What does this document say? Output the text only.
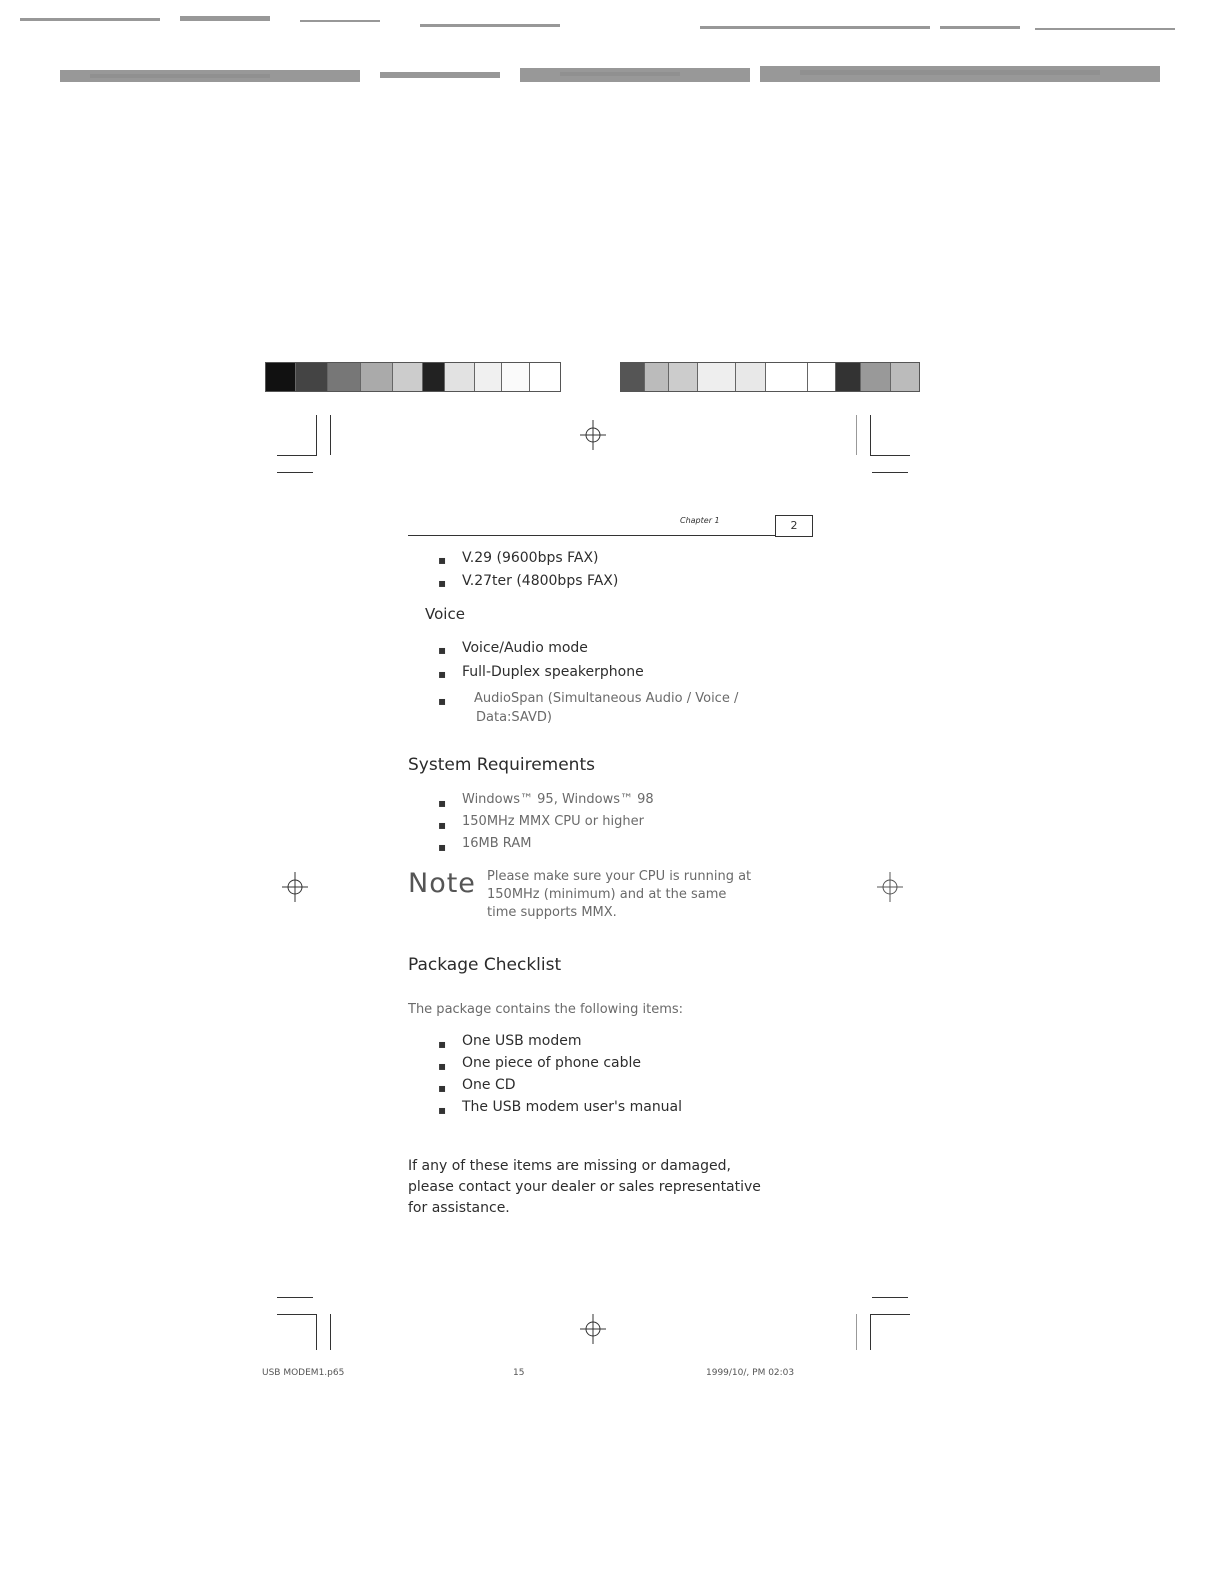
Chapter 1	2
▪ V.29 (9600bps FAX)
▪ V.27ter (4800bps FAX)
Voice
▪ Voice/Audio mode
▪ Full-Duplex speakerphone
▪ AudioSpan (Simultaneous Audio / Voice /
Data:SAVD)
System Requirements
▪ Windows™ 95, Windows™ 98
▪ 150MHz MMX CPU or higher
▪ 16MB RAM
Note Please make sure your CPU is running at
150MHz (minimum) and at the same
time supports MMX.
Package Checklist
The package contains the following items:
▪ One USB modem
▪ One piece of phone cable
▪ One CD
▪ The USB modem user's manual
If any of these items are missing or damaged,
please contact your dealer or sales representative
for assistance.
USB MODEM1.p65	15	1999/10/, PM 02:03
